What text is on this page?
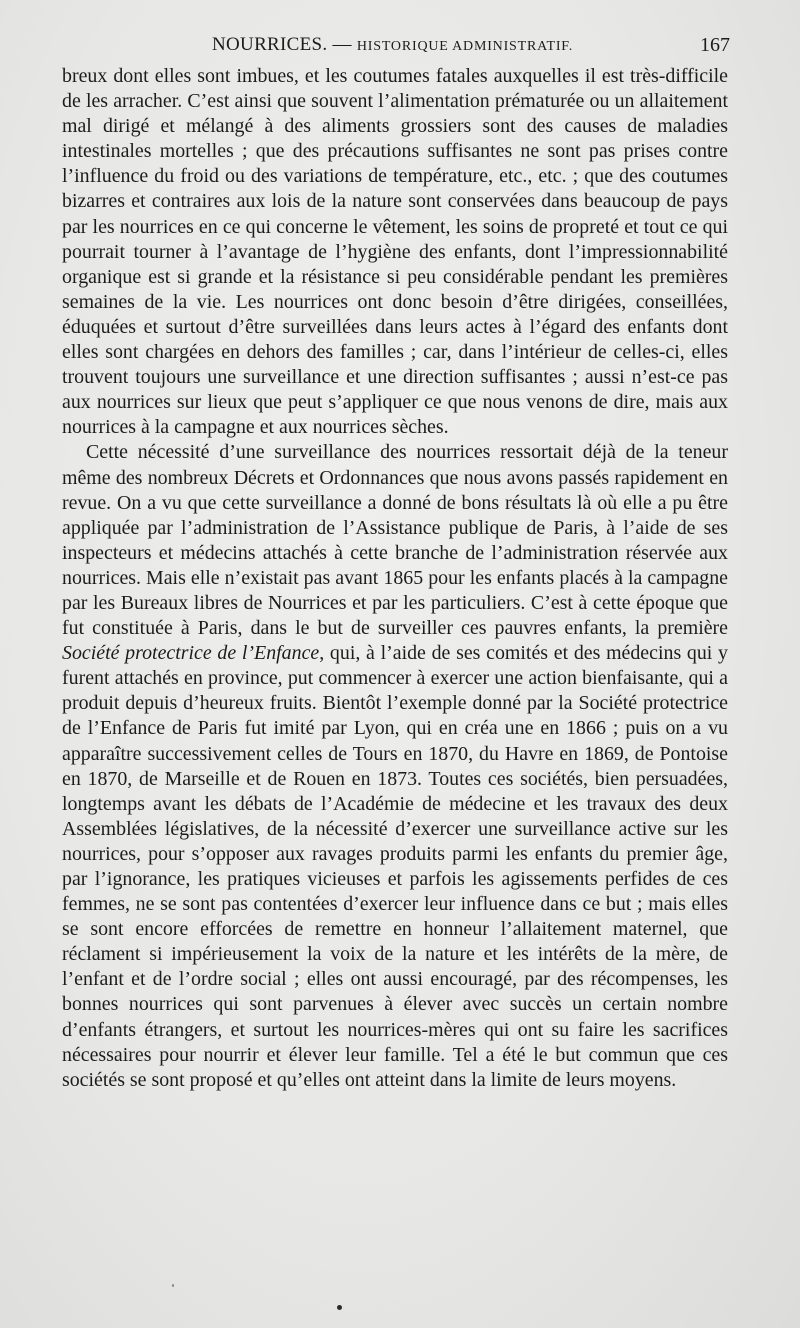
NOURRICES. — HISTORIQUE ADMINISTRATIF.	167

breux dont elles sont imbues, et les coutumes fatales auxquelles il est très-difficile de les arracher. C’est ainsi que souvent l’alimentation prématurée ou un allaitement mal dirigé et mélangé à des aliments grossiers sont des causes de maladies intestinales mortelles ; que des précautions suffisantes ne sont pas prises contre l’influence du froid ou des variations de température, etc., etc. ; que des coutumes bizarres et contraires aux lois de la nature sont conservées dans beaucoup de pays par les nourrices en ce qui concerne le vêtement, les soins de propreté et tout ce qui pourrait tourner à l’avantage de l’hygiène des enfants, dont l’impressionnabilité organique est si grande et la résistance si peu considérable pendant les premières semaines de la vie. Les nourrices ont donc besoin d’être dirigées, conseillées, éduquées et surtout d’être surveillées dans leurs actes à l’égard des enfants dont elles sont chargées en dehors des familles ; car, dans l’intérieur de celles-ci, elles trouvent toujours une surveillance et une direction suffisantes ; aussi n’est-ce pas aux nourrices sur lieux que peut s’appliquer ce que nous venons de dire, mais aux nourrices à la campagne et aux nourrices sèches.

Cette nécessité d’une surveillance des nourrices ressortait déjà de la teneur même des nombreux Décrets et Ordonnances que nous avons passés rapidement en revue. On a vu que cette surveillance a donné de bons résultats là où elle a pu être appliquée par l’administration de l’Assistance publique de Paris, à l’aide de ses inspecteurs et médecins attachés à cette branche de l’administration réservée aux nourrices. Mais elle n’existait pas avant 1865 pour les enfants placés à la campagne par les Bureaux libres de Nourrices et par les particuliers. C’est à cette époque que fut constituée à Paris, dans le but de surveiller ces pauvres enfants, la première Société protectrice de l’Enfance, qui, à l’aide de ses comités et des médecins qui y furent attachés en province, put commencer à exercer une action bienfaisante, qui a produit depuis d’heureux fruits. Bientôt l’exemple donné par la Société protectrice de l’Enfance de Paris fut imité par Lyon, qui en créa une en 1866 ; puis on a vu apparaître successivement celles de Tours en 1870, du Havre en 1869, de Pontoise en 1870, de Marseille et de Rouen en 1873. Toutes ces sociétés, bien persuadées, longtemps avant les débats de l’Académie de médecine et les travaux des deux Assemblées législatives, de la nécessité d’exercer une surveillance active sur les nourrices, pour s’opposer aux ravages produits parmi les enfants du premier âge, par l’ignorance, les pratiques vicieuses et parfois les agissements perfides de ces femmes, ne se sont pas contentées d’exercer leur influence dans ce but ; mais elles se sont encore efforcées de remettre en honneur l’allaitement maternel, que réclament si impérieusement la voix de la nature et les intérêts de la mère, de l’enfant et de l’ordre social ; elles ont aussi encouragé, par des récompenses, les bonnes nourrices qui sont parvenues à élever avec succès un certain nombre d’enfants étrangers, et surtout les nourrices-mères qui ont su faire les sacrifices nécessaires pour nourrir et élever leur famille. Tel a été le but commun que ces sociétés se sont proposé et qu’elles ont atteint dans la limite de leurs moyens.
